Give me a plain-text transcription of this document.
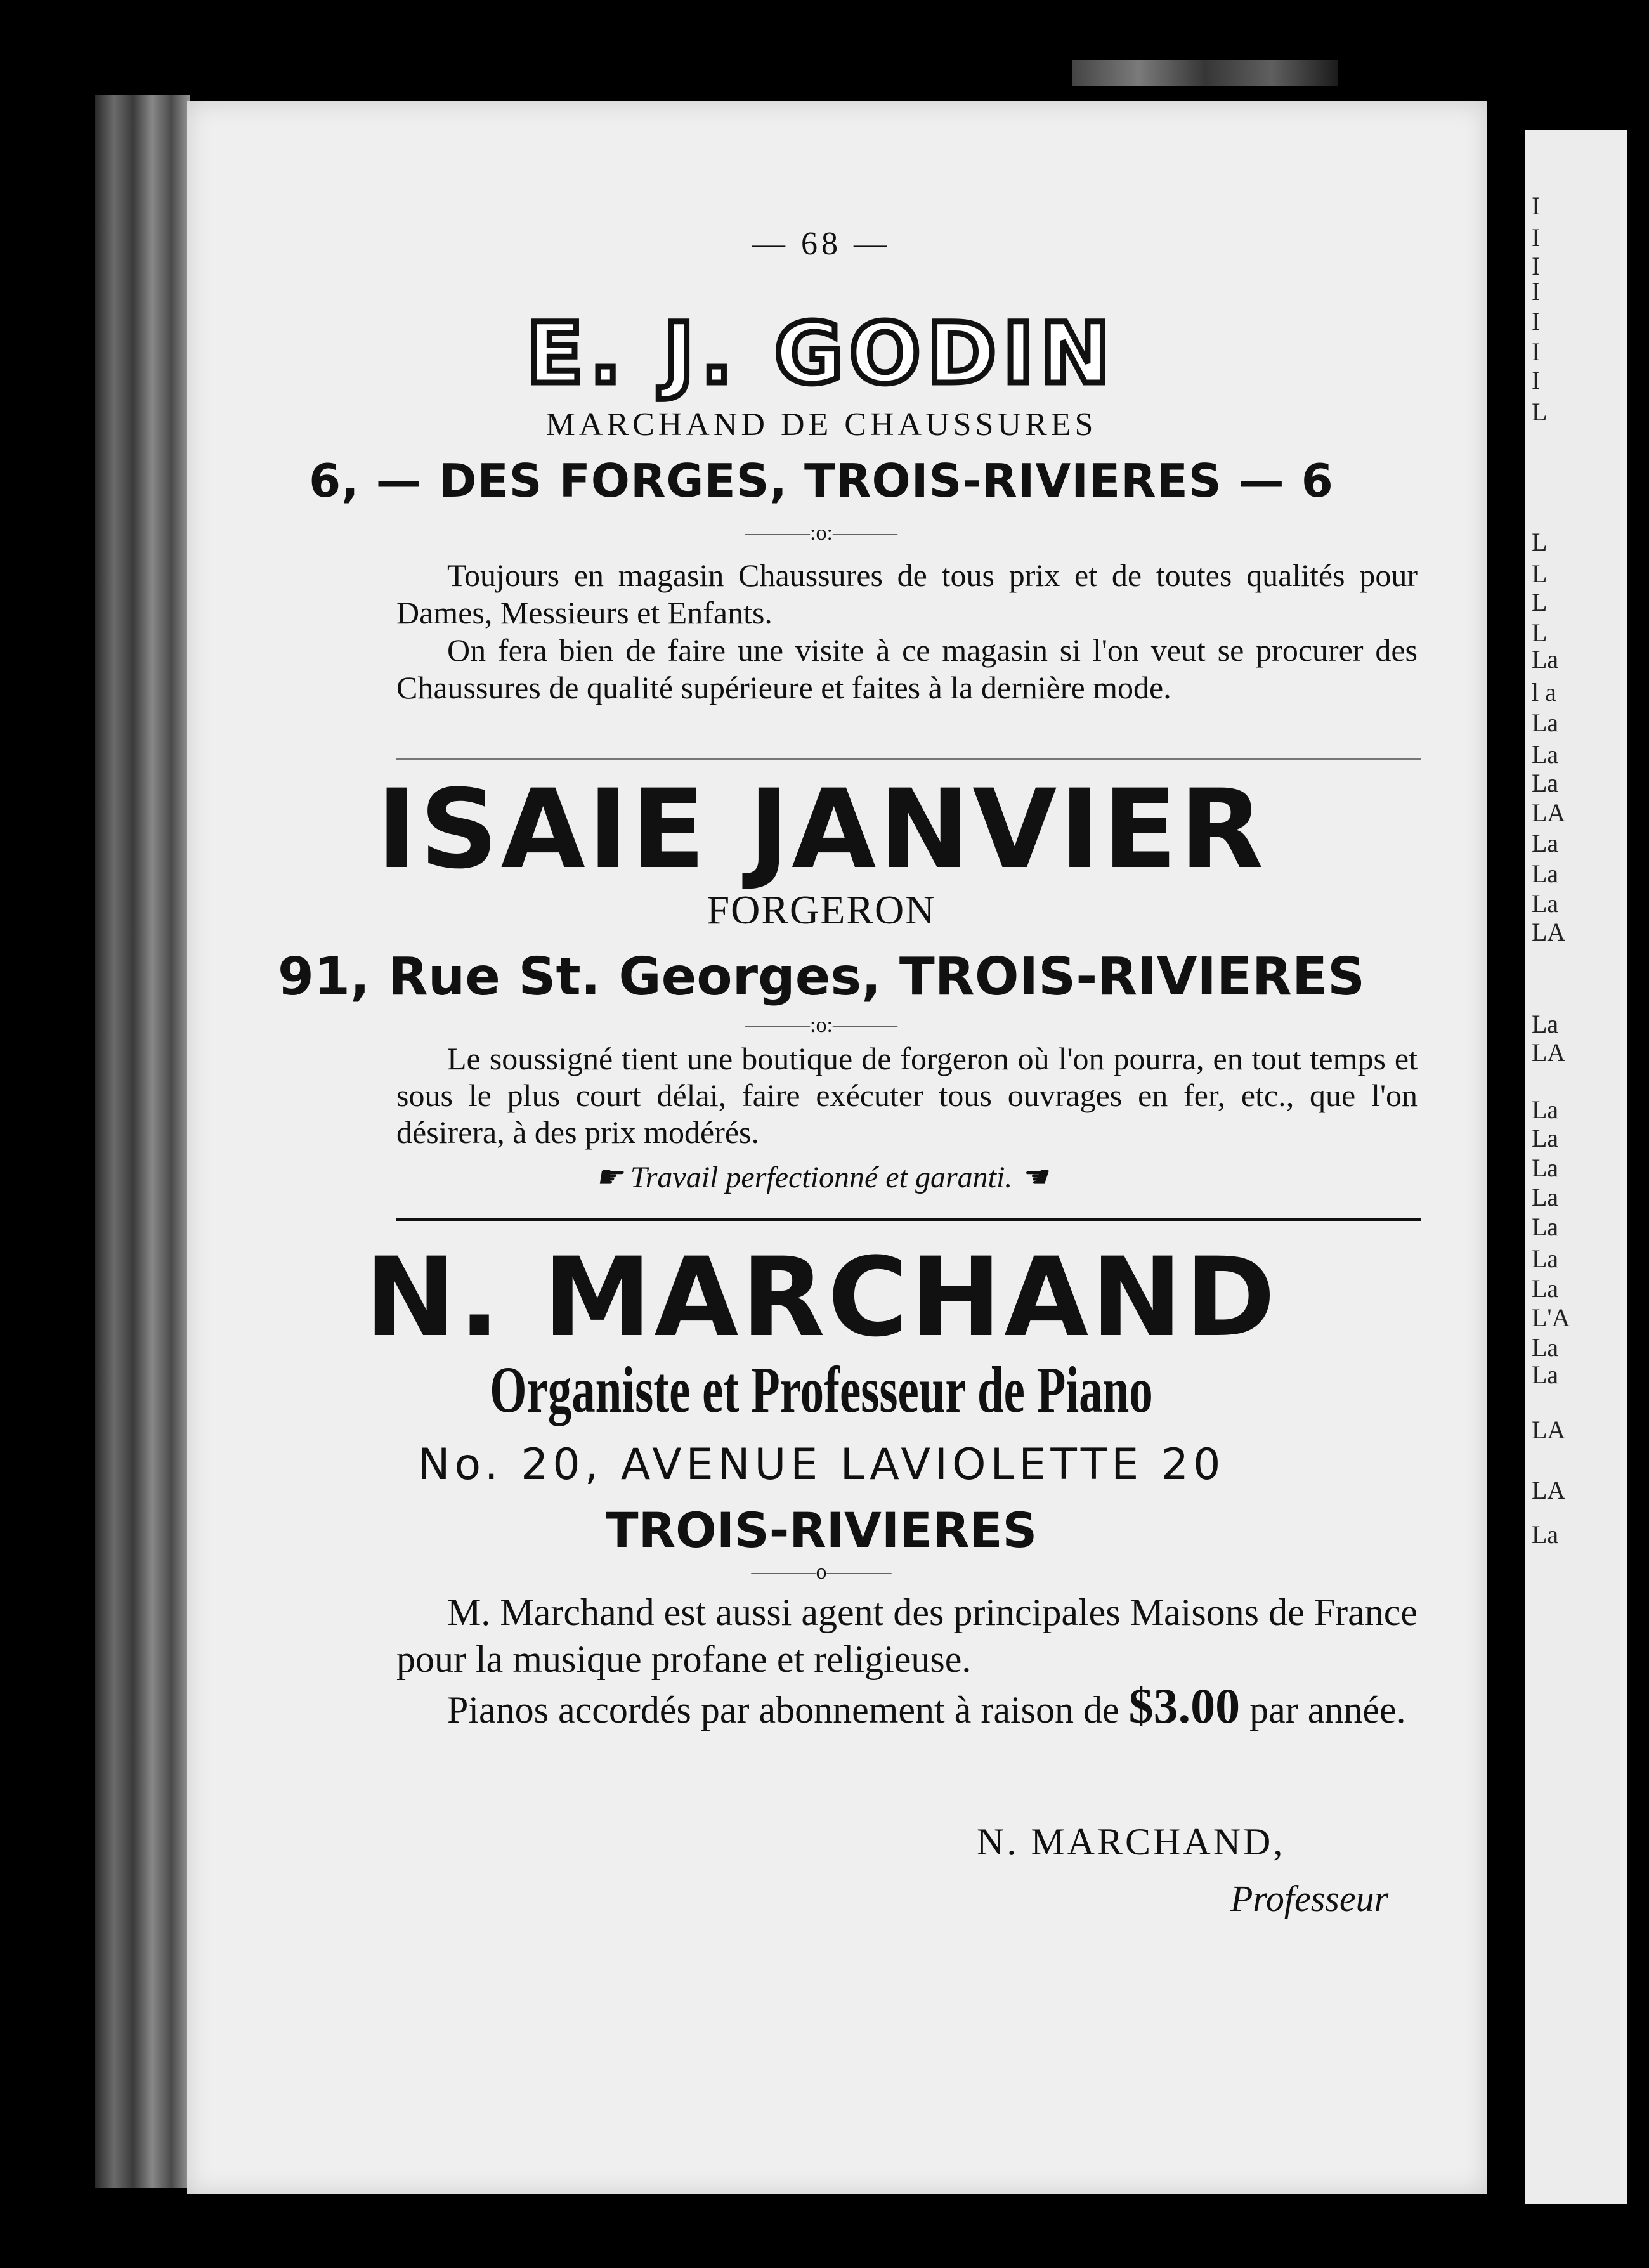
I
I
I
I
I
I
I
L
L
L
L
L
La
l a
La
La
La
LA
La
La
La
LA
La
LA
La
La
La
La
La
La
La
L'A
La
La
LA
LA
La
— 68 —
E. J. GODIN
MARCHAND DE CHAUSSURES
6, — DES FORGES, TROIS-RIVIERES — 6
———:o:———

Toujours en magasin Chaussures de tous prix et de toutes qualités pour Dames, Messieurs et Enfants.

On fera bien de faire une visite à ce magasin si l'on veut se procurer des Chaussures de qualité supérieure et faites à la dernière mode.

ISAIE JANVIER
FORGERON
91, Rue St. Georges, TROIS-RIVIERES
———:o:———

Le soussigné tient une boutique de forgeron où l'on pourra, en tout temps et sous le plus court délai, faire exécuter tous ouvrages en fer, etc., que l'on désirera, à des prix modérés.

☛ Travail perfectionné et garanti. ☚
N. MARCHAND
Organiste et Professeur de Piano
No. 20, AVENUE LAVIOLETTE 20
TROIS-RIVIERES
———o———

M. Marchand est aussi agent des principales Maisons de France pour la musique profane et religieuse.

Pianos accordés par abonnement à raison de $3.00 par année.

N. MARCHAND,
Professeur
